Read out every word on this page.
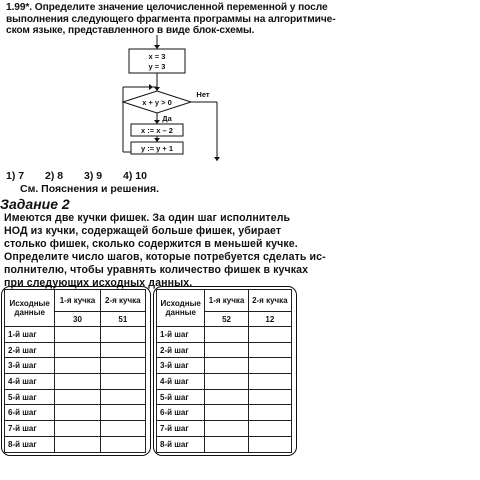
1.99*. Определите значение целочисленной переменной y после
выполнения следующего фрагмента программы на алгоритмиче-
ском языке, представленного в виде блок-схемы.
x = 3
y = 3
x + y > 0
Нет
Да
x := x – 2
y := y + 1
1) 7 2) 8 3) 9 4) 10
См. Пояснения и решения.
Задание 2
Имеются две кучки фишек. За один шаг исполнитель
НОД из кучки, содержащей больше фишек, убирает
столько фишек, сколько содержится в меньшей кучке.
Определите число шагов, которые потребуется сделать ис-
полнителю, чтобы уравнять количество фишек в кучках
при следующих исходных данных.
Исходные данные	1-я кучка	2-я кучка
	30	51
1-й шаг		
2-й шаг		
3-й шаг		
4-й шаг		
5-й шаг		
6-й шаг		
7-й шаг		
8-й шаг		
Исходные данные	1-я кучка	2-я кучка
	52	12
1-й шаг		
2-й шаг		
3-й шаг		
4-й шаг		
5-й шаг		
6-й шаг		
7-й шаг		
8-й шаг		
